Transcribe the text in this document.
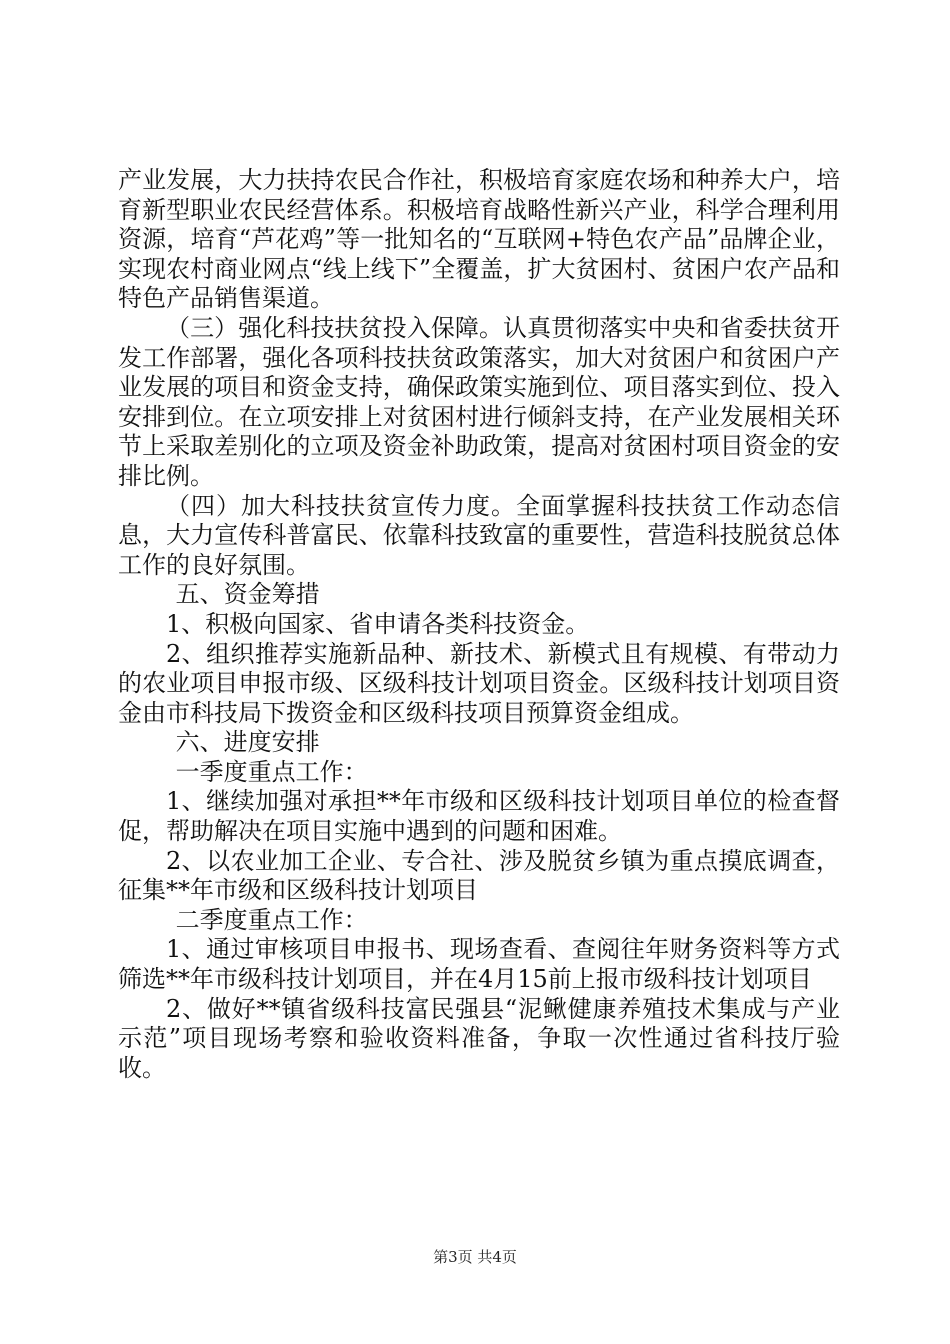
产业发展，大力扶持农民合作社，积极培育家庭农场和种养大户，培育新型职业农民经营体系。积极培育战略性新兴产业，科学合理利用资源，培育“芦花鸡”等一批知名的“互联网+特色农产品”品牌企业，实现农村商业网点“线上线下”全覆盖，扩大贫困村、贫困户农产品和特色产品销售渠道。

（三）强化科技扶贫投入保障。认真贯彻落实中央和省委扶贫开发工作部署，强化各项科技扶贫政策落实，加大对贫困户和贫困户产业发展的项目和资金支持，确保政策实施到位、项目落实到位、投入安排到位。在立项安排上对贫困村进行倾斜支持，在产业发展相关环节上采取差别化的立项及资金补助政策，提高对贫困村项目资金的安排比例。

（四）加大科技扶贫宣传力度。全面掌握科技扶贫工作动态信息，大力宣传科普富民、依靠科技致富的重要性，营造科技脱贫总体工作的良好氛围。

五、资金筹措

1、积极向国家、省申请各类科技资金。

2、组织推荐实施新品种、新技术、新模式且有规模、有带动力的农业项目申报市级、区级科技计划项目资金。区级科技计划项目资金由市科技局下拨资金和区级科技项目预算资金组成。

六、进度安排

一季度重点工作：

1、继续加强对承担**年市级和区级科技计划项目单位的检查督促，帮助解决在项目实施中遇到的问题和困难。

2、以农业加工企业、专合社、涉及脱贫乡镇为重点摸底调查，征集**年市级和区级科技计划项目

二季度重点工作：

1、通过审核项目申报书、现场查看、查阅往年财务资料等方式筛选**年市级科技计划项目，并在4月15前上报市级科技计划项目

2、做好**镇省级科技富民强县“泥鳅健康养殖技术集成与产业示范”项目现场考察和验收资料准备，争取一次性通过省科技厅验收。

第3页 共4页
